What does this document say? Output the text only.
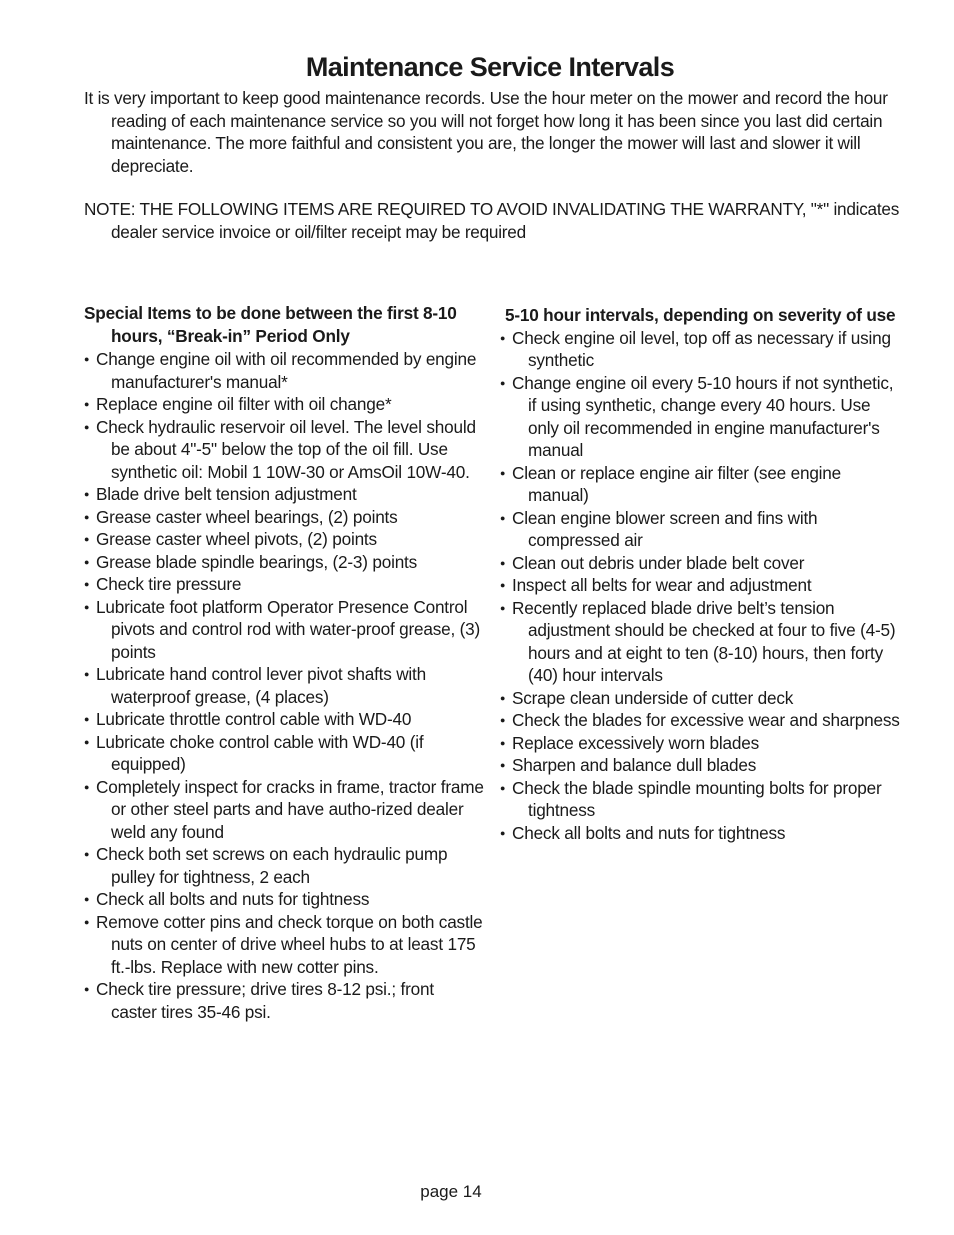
Maintenance Service Intervals

It is very important to keep good maintenance records. Use the hour meter on the mower and record the hour reading of each maintenance service so you will not forget how long it has been since you last did certain maintenance. The more faithful and consistent you are, the longer the mower will last and slower it will depreciate.

NOTE: THE FOLLOWING ITEMS ARE REQUIRED TO AVOID INVALIDATING THE WARRANTY, "*" indicates dealer service invoice or oil/filter receipt may be required

Special Items to be done between the first 8-10 hours, “Break-in” Period Only

● Change engine oil with oil recommended by engine manufacturer's manual*
● Replace engine oil filter with oil change*
● Check hydraulic reservoir oil level. The level should be about 4"-5" below the top of the oil fill. Use synthetic oil: Mobil 1 10W-30 or AmsOil 10W-40.
● Blade drive belt tension adjustment
● Grease caster wheel bearings, (2) points
● Grease caster wheel pivots, (2) points
● Grease blade spindle bearings, (2-3) points
● Check tire pressure
● Lubricate foot platform Operator Presence Control pivots and control rod with water-proof grease, (3) points
● Lubricate hand control lever pivot shafts with waterproof grease, (4 places)
● Lubricate throttle control cable with WD-40
● Lubricate choke control cable with WD-40 (if equipped)
● Completely inspect for cracks in frame, tractor frame or other steel parts and have autho-rized dealer weld any found
● Check both set screws on each hydraulic pump pulley for tightness, 2 each
● Check all bolts and nuts for tightness
● Remove cotter pins and check torque on both castle nuts on center of drive wheel hubs to at least 175 ft.-lbs. Replace with new cotter pins.
● Check tire pressure; drive tires 8-12 psi.; front caster tires 35-46 psi.

5-10 hour intervals, depending on severity of use

● Check engine oil level, top off as necessary if using synthetic
● Change engine oil every 5-10 hours if not synthetic, if using synthetic, change every 40 hours. Use only oil recommended in engine manufacturer's manual
● Clean or replace engine air filter (see engine manual)
● Clean engine blower screen and fins with compressed air
● Clean out debris under blade belt cover
● Inspect all belts for wear and adjustment
● Recently replaced blade drive belt’s tension adjustment should be checked at four to five (4-5) hours and at eight to ten (8-10) hours, then forty (40) hour intervals
● Scrape clean underside of cutter deck
● Check the blades for excessive wear and sharpness
● Replace excessively worn blades
● Sharpen and balance dull blades
● Check the blade spindle mounting bolts for proper tightness
● Check all bolts and nuts for tightness
page 14
